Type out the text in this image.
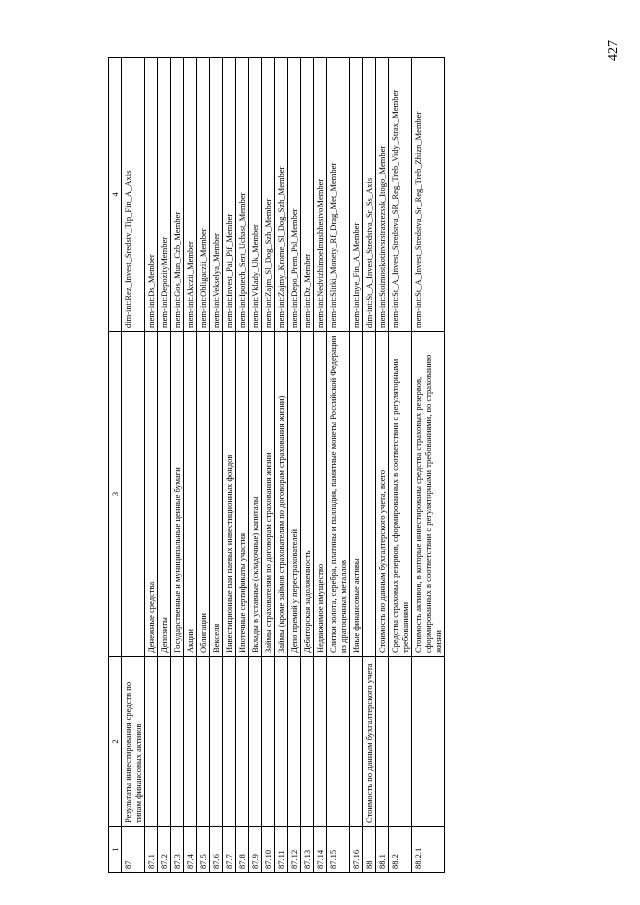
427
1	2	3	4
87	Результаты инвестирования средств по типам финансовых активов		dim-int:Rez_Invest_Sredstv_Tip_Fin_A_Axis
87.1		Денежные средства	mem-int:Ds_Member
87.2		Депозиты	mem-int:DepozityMember
87.3		Государственные и муниципальные ценные бумаги	mem-int:Gos_Mun_Czb_Member
87.4		Акции	mem-int:Akczii_Member
87.5		Облигации	mem-int:Obligaczii_Member
87.6		Векселя	mem-int:Vekselya_Member
87.7		Инвестиционные паи паевых инвестиционных фондов	mem-int:Invest_Pai_Pif_Member
87.8		Ипотечные сертификаты участия	mem-int:Ipotech_Sert_Uchast_Member
87.9		Вклады в уставные (складочные) капиталы	mem-int:Vklady_Uk_Member
87.10		Займы страхователям по договорам страхования жизни	mem-int:Zajm_Sl_Dog_Szh_Member
87.11		Займы (кроме займов страхователям по договорам страхования жизни)	mem-int:Zajmy_Krome_Sl_Dog_Szh_Member
87.12		Депо премий у перестрахователей	mem-int:Depo_Prem_Psl_Member
87.13		Дебиторская задолженность	mem-int:Dz_Member
87.14		Недвижимое имущество	mem-int:NedvizhimoeImushhestvoMember
87.15		Слитки золота, серебра, платины и палладия, памятные монеты Российской Федерации из драгоценных металлов	mem-int:Slitki_Monety_Rf_Drag_Met_Member
87.16		Иные финансовые активы	mem-int:Inye_Fin_A_Member
88	Стоимость по данным бухгалтерского учета		dim-int:St_A_Invest_Stredstva_Sr_Ss_Axis
88.1		Стоимость по данным бухгалтерского учета, всего	mem-int:Stoimostkotinvsrstraxrezssk_Itogo_Member
88.2		Средства страховых резервов, сформированных в соответствии с регуляторными требованиями	mem-int:St_A_Invest_Stredstva_SR_Reg_Treb_Vidy_Strax_Member
88.2.1		Стоимость активов, в которые инвестированы средства страховых резервов, сформированных в соответствии с регуляторными требованиями, по страхованию жизни	mem-int:St_A_Invest_Stredstva_Sr_Reg_Treb_Zhizn_Member
